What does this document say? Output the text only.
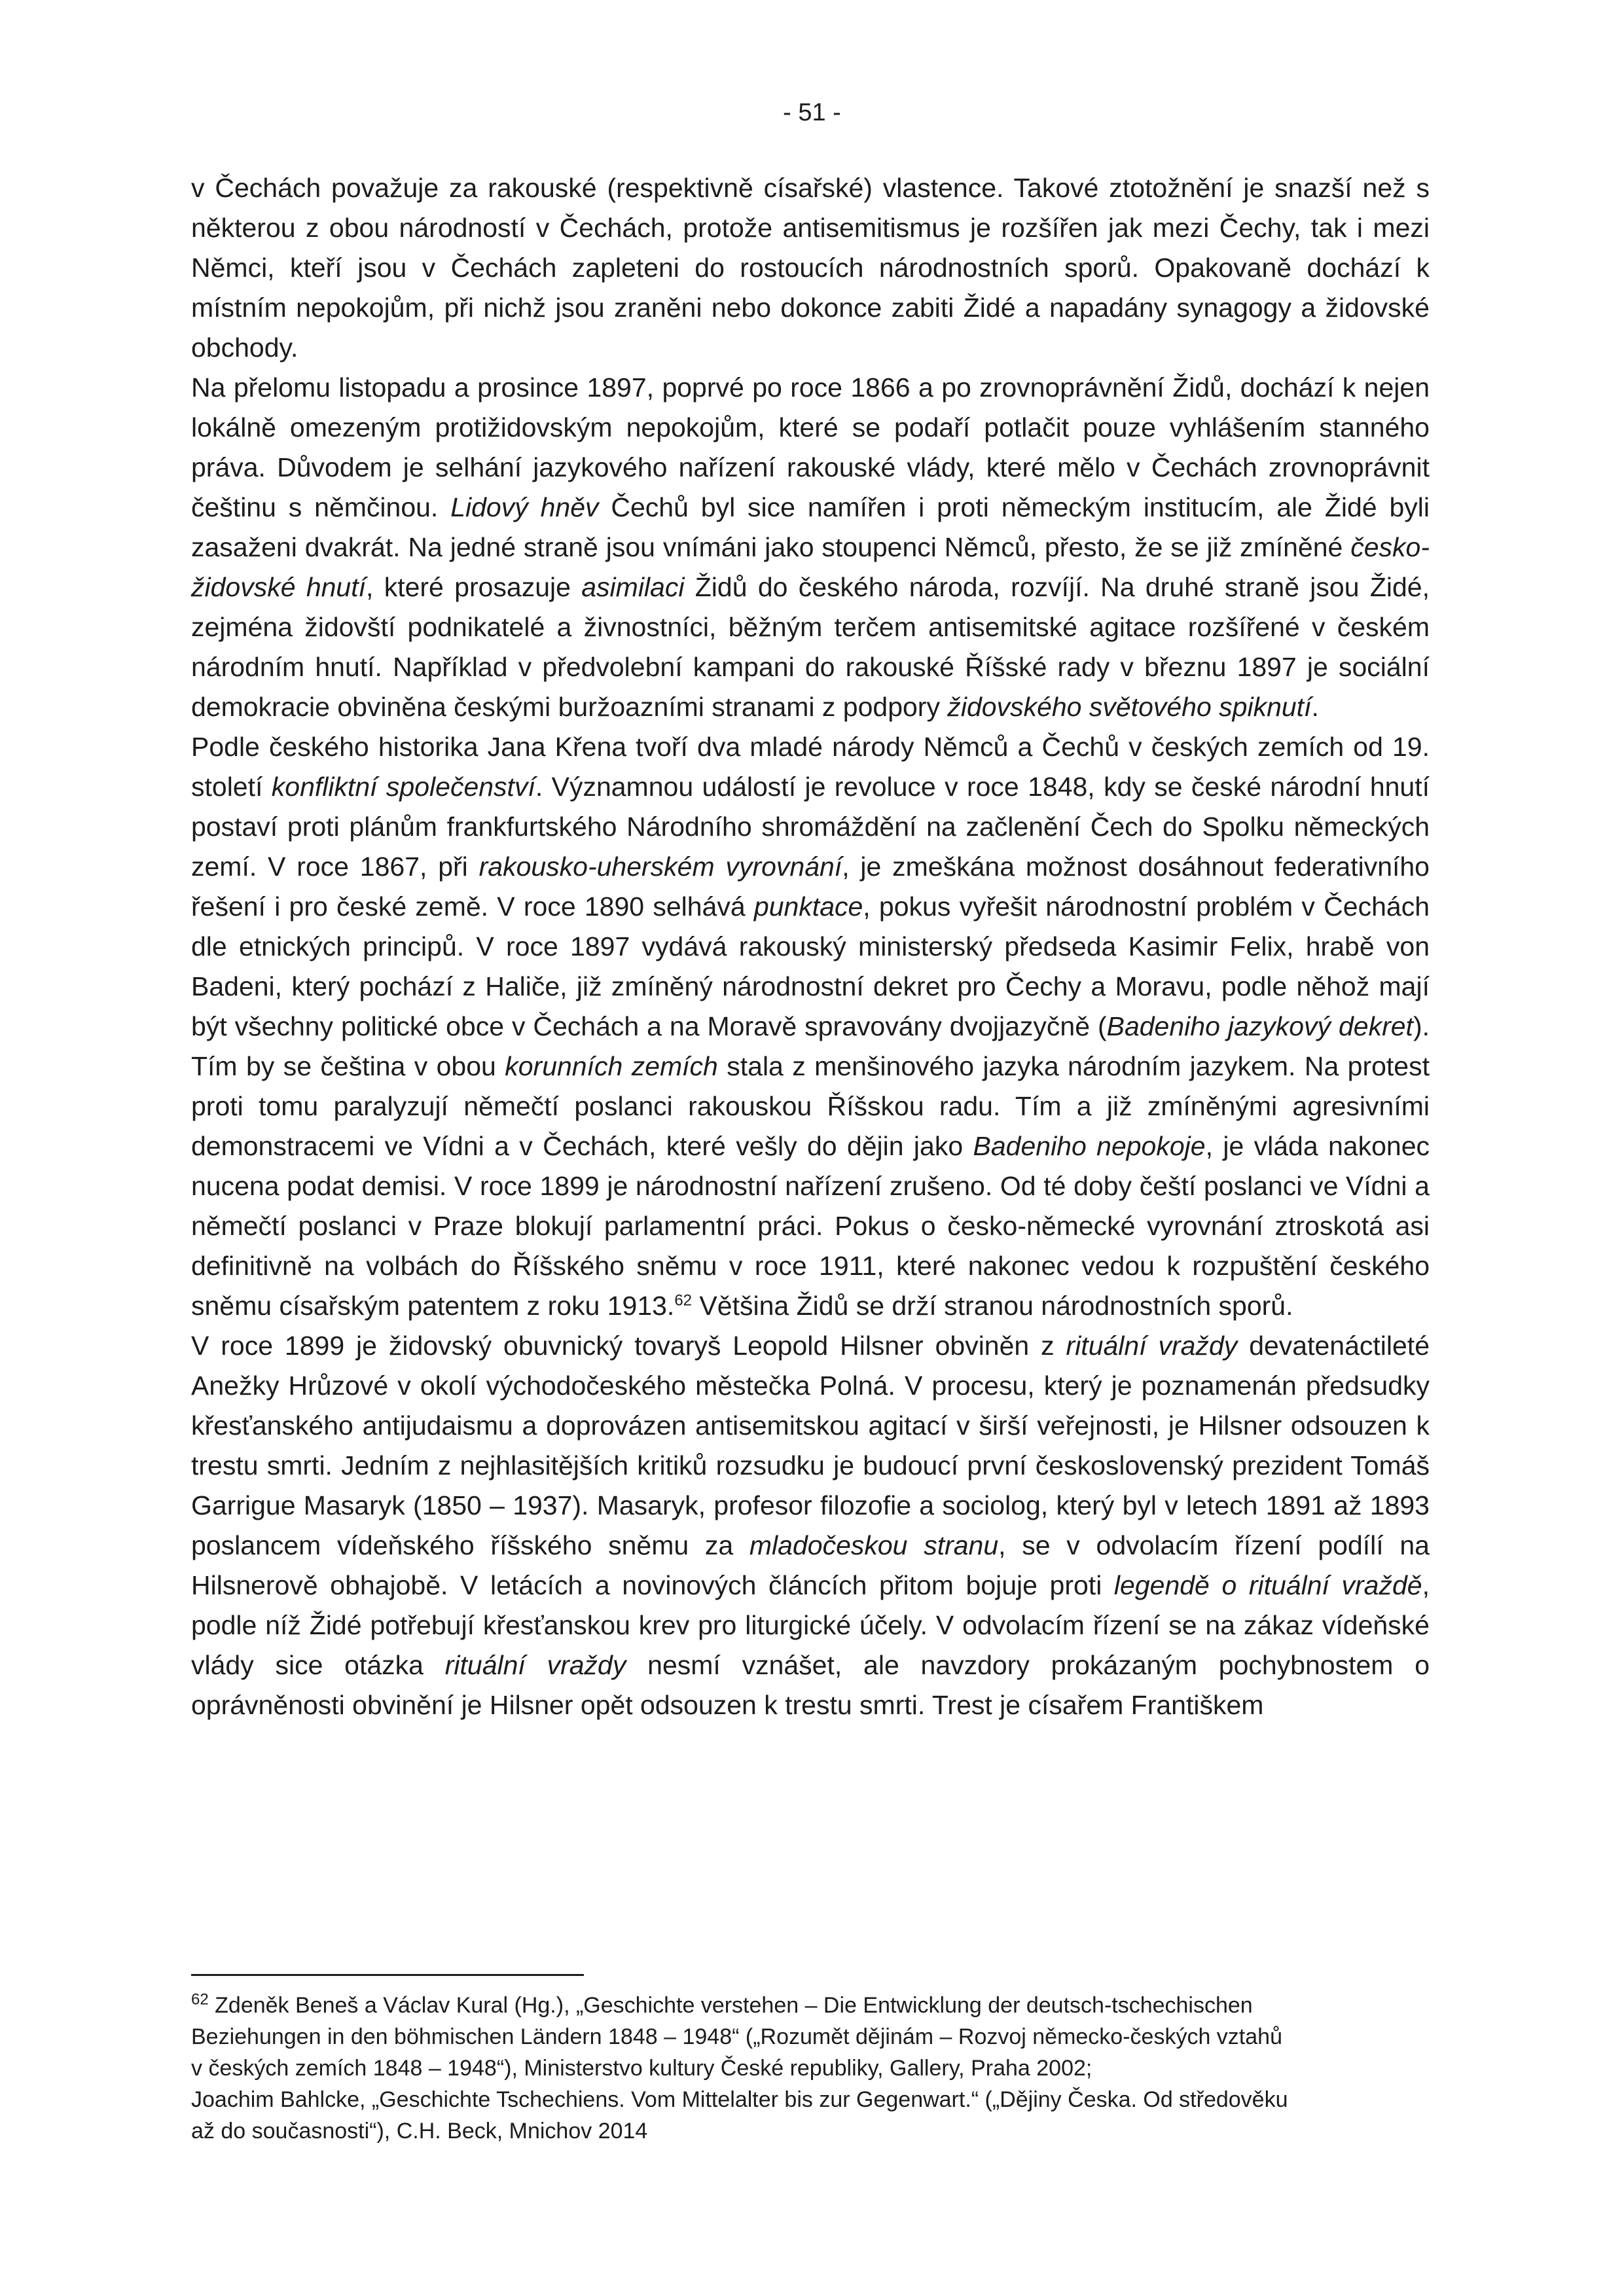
- 51 -

v Čechách považuje za rakouské (respektivně císařské) vlastence. Takové ztotožnění je snazší než s některou z obou národností v Čechách, protože antisemitismus je rozšířen jak mezi Čechy, tak i mezi Němci, kteří jsou v Čechách zapleteni do rostoucích národnostních sporů. Opakovaně dochází k místním nepokojům, při nichž jsou zraněni nebo dokonce zabiti Židé a napadány synagogy a židovské obchody.

Na přelomu listopadu a prosince 1897, poprvé po roce 1866 a po zrovnoprávnění Židů, dochází k nejen lokálně omezeným protižidovským nepokojům, které se podaří potlačit pouze vyhlášením stanného práva. Důvodem je selhání jazykového nařízení rakouské vlády, které mělo v Čechách zrovnoprávnit češtinu s němčinou. Lidový hněv Čechů byl sice namířen i proti německým institucím, ale Židé byli zasaženi dvakrát. Na jedné straně jsou vnímáni jako stoupenci Němců, přesto, že se již zmíněné česko-židovské hnutí, které prosazuje asimilaci Židů do českého národa, rozvíjí. Na druhé straně jsou Židé, zejména židovští podnikatelé a živnostníci, běžným terčem antisemitské agitace rozšířené v českém národním hnutí. Například v předvolební kampani do rakouské Říšské rady v březnu 1897 je sociální demokracie obviněna českými buržoazními stranami z podpory židovského světového spiknutí.

Podle českého historika Jana Křena tvoří dva mladé národy Němců a Čechů v českých zemích od 19. století konfliktní společenství. Významnou událostí je revoluce v roce 1848, kdy se české národní hnutí postaví proti plánům frankfurtského Národního shromáždění na začlenění Čech do Spolku německých zemí. V roce 1867, při rakousko-uherském vyrovnání, je zmeškána možnost dosáhnout federativního řešení i pro české země. V roce 1890 selhává punktace, pokus vyřešit národnostní problém v Čechách dle etnických principů. V roce 1897 vydává rakouský ministerský předseda Kasimir Felix, hrabě von Badeni, který pochází z Haliče, již zmíněný národnostní dekret pro Čechy a Moravu, podle něhož mají být všechny politické obce v Čechách a na Moravě spravovány dvojjazyčně (Badeniho jazykový dekret). Tím by se čeština v obou korunních zemích stala z menšinového jazyka národním jazykem. Na protest proti tomu paralyzují němečtí poslanci rakouskou Říšskou radu. Tím a již zmíněnými agresivními demonstracemi ve Vídni a v Čechách, které vešly do dějin jako Badeniho nepokoje, je vláda nakonec nucena podat demisi. V roce 1899 je národnostní nařízení zrušeno. Od té doby čeští poslanci ve Vídni a němečtí poslanci v Praze blokují parlamentní práci. Pokus o česko-německé vyrovnání ztroskotá asi definitivně na volbách do Říšského sněmu v roce 1911, které nakonec vedou k rozpuštění českého sněmu císařským patentem z roku 1913.62 Většina Židů se drží stranou národnostních sporů.

V roce 1899 je židovský obuvnický tovaryš Leopold Hilsner obviněn z rituální vraždy devatenáctileté Anežky Hrůzové v okolí východočeského městečka Polná. V procesu, který je poznamenán předsudky křesťanského antijudaismu a doprovázen antisemitskou agitací v širší veřejnosti, je Hilsner odsouzen k trestu smrti. Jedním z nejhlasitějších kritiků rozsudku je budoucí první československý prezident Tomáš Garrigue Masaryk (1850 – 1937). Masaryk, profesor filozofie a sociolog, který byl v letech 1891 až 1893 poslancem vídeňského říšského sněmu za mladočeskou stranu, se v odvolacím řízení podílí na Hilsnerově obhajobě. V letácích a novinových článcích přitom bojuje proti legendě o rituální vraždě, podle níž Židé potřebují křesťanskou krev pro liturgické účely. V odvolacím řízení se na zákaz vídeňské vlády sice otázka rituální vraždy nesmí vznášet, ale navzdory prokázaným pochybnostem o oprávněnosti obvinění je Hilsner opět odsouzen k trestu smrti. Trest je císařem Františkem

$^{62}$ Zdeněk Beneš a Václav Kural (Hg.), „Geschichte verstehen – Die Entwicklung der deutsch-tschechischen
Beziehungen in den böhmischen Ländern 1848 – 1948“ („Rozumět dějinám – Rozvoj německo-českých vztahů
v českých zemích 1848 – 1948“), Ministerstvo kultury České republiky, Gallery, Praha 2002;
Joachim Bahlcke, „Geschichte Tschechiens. Vom Mittelalter bis zur Gegenwart.“ („Dějiny Česka. Od středověku
až do současnosti“), C.H. Beck, Mnichov 2014
